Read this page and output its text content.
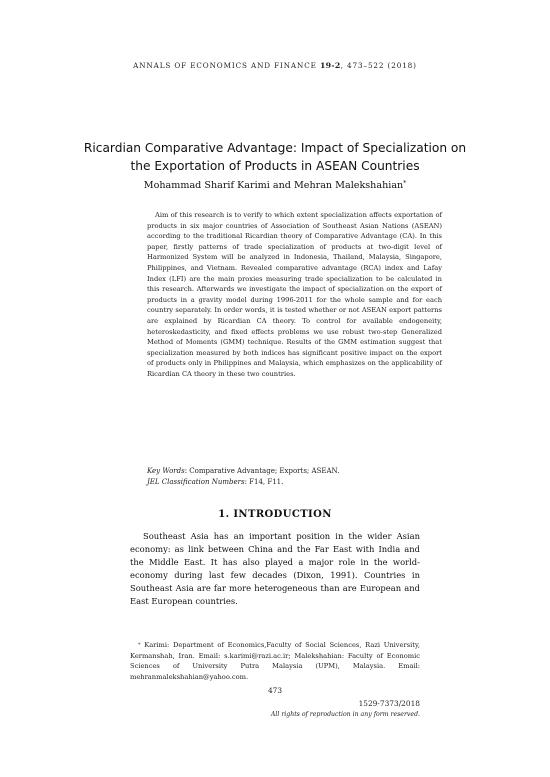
ANNALS OF ECONOMICS AND FINANCE 19-2, 473–522 (2018)
Ricardian Comparative Advantage: Impact of Specialization on the Exportation of Products in ASEAN Countries
Mohammad Sharif Karimi and Mehran Malekshahian*
Aim of this research is to verify to which extent specialization affects exportation of products in six major countries of Association of Southeast Asian Nations (ASEAN) according to the traditional Ricardian theory of Comparative Advantage (CA). In this paper, firstly patterns of trade specialization of products at two-digit level of Harmonized System will be analyzed in Indonesia, Thailand, Malaysia, Singapore, Philippines, and Vietnam. Revealed comparative advantage (RCA) index and Lafay Index (LFI) are the main proxies measuring trade specialization to be calculated in this research. Afterwards we investigate the impact of specialization on the export of products in a gravity model during 1996-2011 for the whole sample and for each country separately. In order words, it is tested whether or not ASEAN export patterns are explained by Ricardian CA theory. To control for available endogeneity, heteroskedasticity, and fixed effects problems we use robust two-step Generalized Method of Moments (GMM) technique. Results of the GMM estimation suggest that specialization measured by both indices has significant positive impact on the export of products only in Philippines and Malaysia, which emphasizes on the applicability of Ricardian CA theory in these two countries.
Key Words: Comparative Advantage; Exports; ASEAN.
JEL Classification Numbers: F14, F11.
1. INTRODUCTION
Southeast Asia has an important position in the wider Asian economy: as link between China and the Far East with India and the Middle East. It has also played a major role in the world-economy during last few decades (Dixon, 1991). Countries in Southeast Asia are far more heterogeneous than are European and East European countries.
* Karimi: Department of Economics,Faculty of Social Sciences, Razi University, Kermanshah, Iran. Email: s.karimi@razi.ac.ir; Malekshahian: Faculty of Economic Sciences of University Putra Malaysia (UPM), Malaysia. Email: mehranmalekshahian@yahoo.com.
473
1529-7373/2018
All rights of reproduction in any form reserved.
